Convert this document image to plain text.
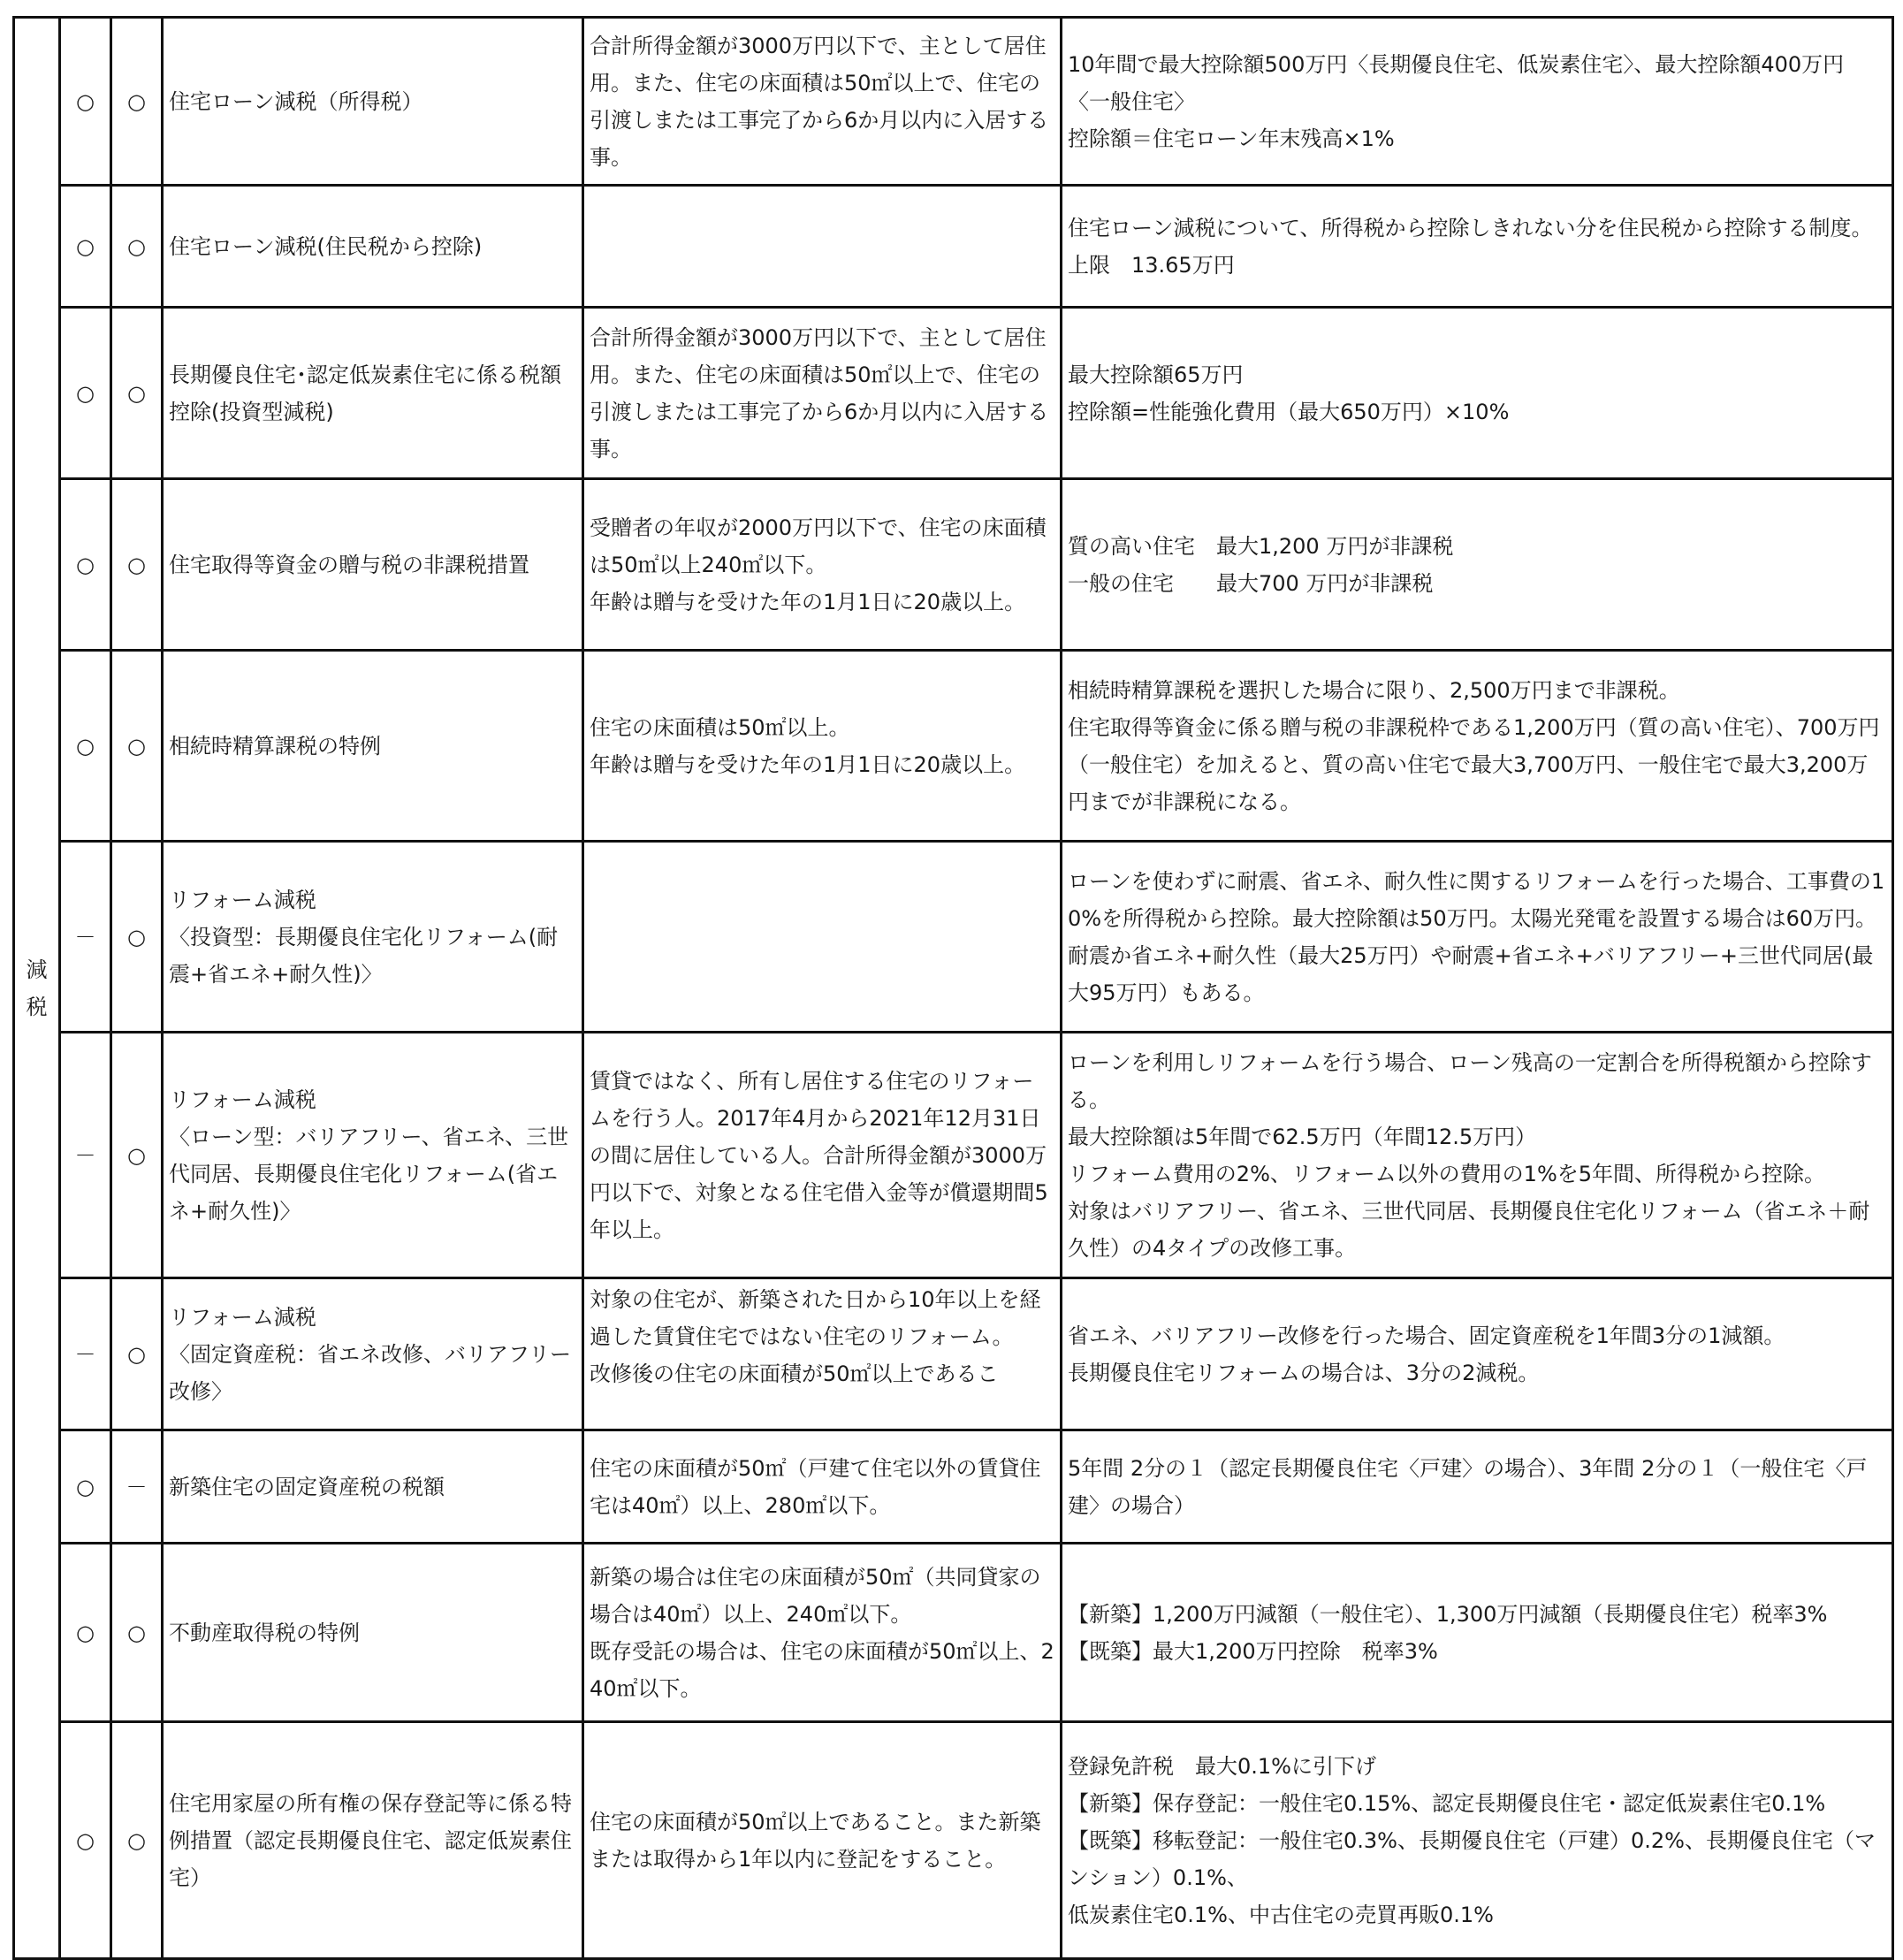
減
税	○	○	住宅ローン減税（所得税）	合計所得金額が3000万円以下で、主として居住用。また、住宅の床面積は50㎡以上で、住宅の引渡しまたは工事完了から6か月以内に入居する事。	10年間で最大控除額500万円〈長期優良住宅、低炭素住宅〉、最大控除額400万円〈一般住宅〉
控除額＝住宅ローン年末残高×1%

	○	○	住宅ローン減税(住民税から控除)		住宅ローン減税について、所得税から控除しきれない分を住民税から控除する制度。
上限　13.65万円

	○	○	長期優良住宅･認定低炭素住宅に係る税額控除(投資型減税)	合計所得金額が3000万円以下で、主として居住用。また、住宅の床面積は50㎡以上で、住宅の引渡しまたは工事完了から6か月以内に入居する事。	最大控除額65万円
控除額=性能強化費用（最大650万円）×10%

	○	○	住宅取得等資金の贈与税の非課税措置	受贈者の年収が2000万円以下で、住宅の床面積は50㎡以上240㎡以下。
年齢は贈与を受けた年の1月1日に20歳以上。	質の高い住宅　最大1,200 万円が非課税
一般の住宅　　最大700 万円が非課税

	○	○	相続時精算課税の特例	住宅の床面積は50㎡以上。
年齢は贈与を受けた年の1月1日に20歳以上。	相続時精算課税を選択した場合に限り、2,500万円まで非課税。
住宅取得等資金に係る贈与税の非課税枠である1,200万円（質の高い住宅）、700万円（一般住宅）を加えると、質の高い住宅で最大3,700万円、一般住宅で最大3,200万円までが非課税になる。

	－	○	リフォーム減税
〈投資型：長期優良住宅化リフォーム(耐震+省エネ+耐久性)〉		ローンを使わずに耐震、省エネ、耐久性に関するリフォームを行った場合、工事費の10%を所得税から控除。最大控除額は50万円。太陽光発電を設置する場合は60万円。
耐震か省エネ+耐久性（最大25万円）や耐震+省エネ+バリアフリー+三世代同居(最大95万円）もある。

	－	○	リフォーム減税
〈ローン型：バリアフリー、省エネ、三世代同居、長期優良住宅化リフォーム(省エネ+耐久性)〉	賃貸ではなく、所有し居住する住宅のリフォームを行う人。2017年4月から2021年12月31日の間に居住している人。合計所得金額が3000万円以下で、対象となる住宅借入金等が償還期間5年以上。	ローンを利用しリフォームを行う場合、ローン残高の一定割合を所得税額から控除する。
最大控除額は5年間で62.5万円（年間12.5万円）
リフォーム費用の2%、リフォーム以外の費用の1%を5年間、所得税から控除。
対象はバリアフリー、省エネ、三世代同居、長期優良住宅化リフォーム（省エネ＋耐久性）の4タイプの改修工事。

	－	○	リフォーム減税
〈固定資産税：省エネ改修、バリアフリー改修〉	対象の住宅が、新築された日から10年以上を経過した賃貸住宅ではない住宅のリフォーム。
改修後の住宅の床面積が50㎡以上であるこ	省エネ、バリアフリー改修を行った場合、固定資産税を1年間3分の1減額。
長期優良住宅リフォームの場合は、3分の2減税。

	○	－	新築住宅の固定資産税の税額	住宅の床面積が50㎡（戸建て住宅以外の賃貸住宅は40㎡）以上、280㎡以下。	5年間 2分の１（認定長期優良住宅〈戸建〉の場合）、3年間 2分の１（一般住宅〈戸建〉の場合）

	○	○	不動産取得税の特例	新築の場合は住宅の床面積が50㎡（共同貸家の場合は40㎡）以上、240㎡以下。
既存受託の場合は、住宅の床面積が50㎡以上、240㎡以下。	【新築】1,200万円減額（一般住宅）、1,300万円減額（長期優良住宅）税率3%
【既築】最大1,200万円控除　税率3%

	○	○	住宅用家屋の所有権の保存登記等に係る特例措置（認定長期優良住宅、認定低炭素住宅）	住宅の床面積が50㎡以上であること。また新築または取得から1年以内に登記をすること。	登録免許税　最大0.1%に引下げ
【新築】保存登記：一般住宅0.15%、認定長期優良住宅・認定低炭素住宅0.1%
【既築】移転登記：一般住宅0.3%、長期優良住宅（戸建）0.2%、長期優良住宅（マンション）0.1%、
低炭素住宅0.1%、中古住宅の売買再販0.1%
